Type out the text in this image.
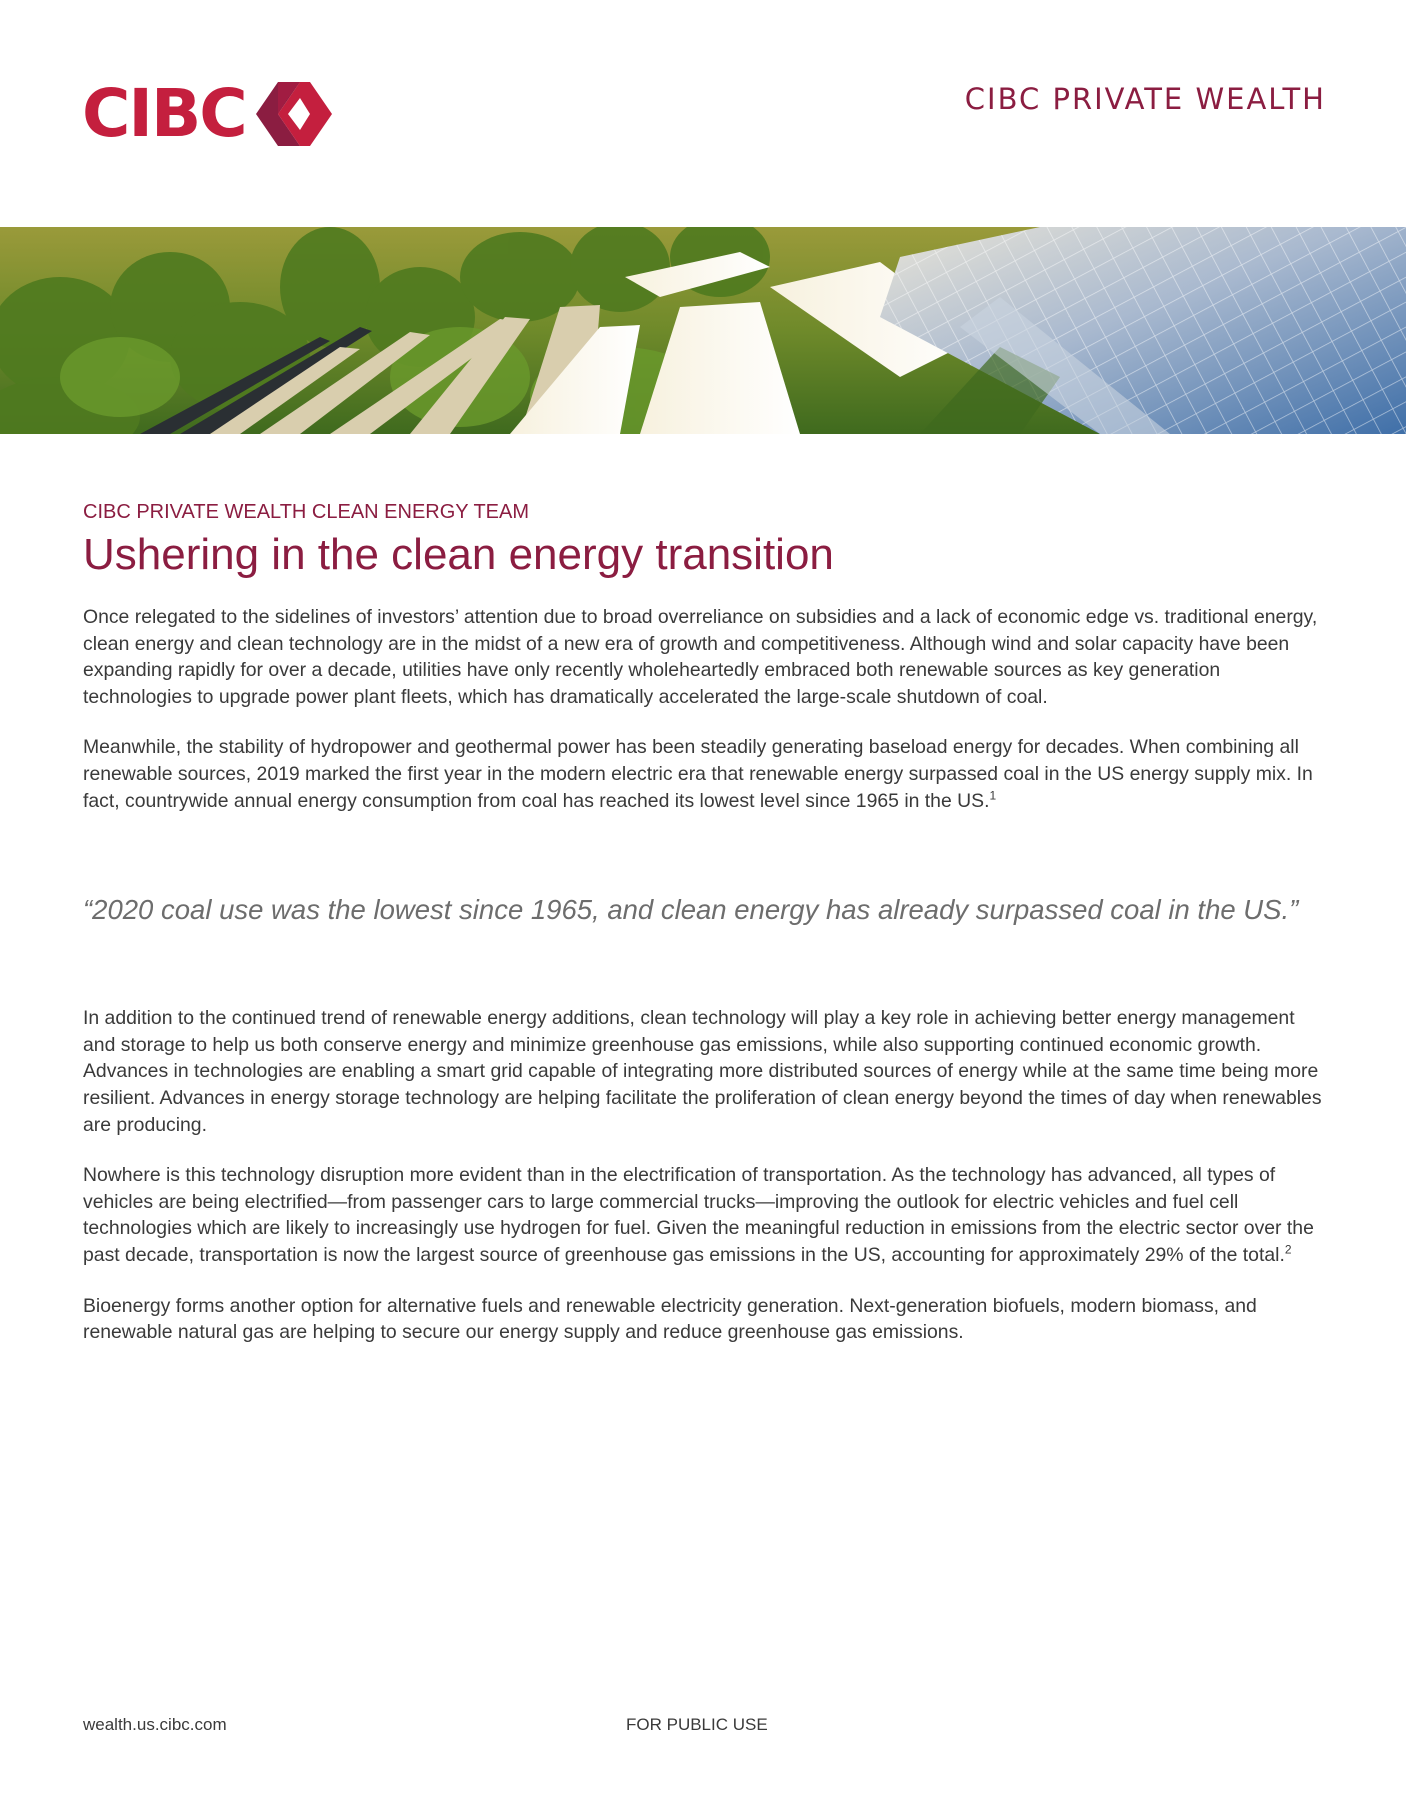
CIBC	CIBC PRIVATE WEALTH
CIBC PRIVATE WEALTH CLEAN ENERGY TEAM
Ushering in the clean energy transition

Once relegated to the sidelines of investors’ attention due to broad overreliance on subsidies and a lack of economic edge vs. traditional energy, clean energy and clean technology are in the midst of a new era of growth and competitiveness. Although wind and solar capacity have been expanding rapidly for over a decade, utilities have only recently wholeheartedly embraced both renewable sources as key generation technologies to upgrade power plant fleets, which has dramatically accelerated the large-scale shutdown of coal.

Meanwhile, the stability of hydropower and geothermal power has been steadily generating baseload energy for decades. When combining all renewable sources, 2019 marked the first year in the modern electric era that renewable energy surpassed coal in the US energy supply mix. In fact, countrywide annual energy consumption from coal has reached its lowest level since 1965 in the US.$^1$

“2020 coal use was the lowest since 1965, and clean energy has already surpassed coal in the US.”

In addition to the continued trend of renewable energy additions, clean technology will play a key role in achieving better energy management and storage to help us both conserve energy and minimize greenhouse gas emissions, while also supporting continued economic growth. Advances in technologies are enabling a smart grid capable of integrating more distributed sources of energy while at the same time being more resilient. Advances in energy storage technology are helping facilitate the proliferation of clean energy beyond the times of day when renewables are producing.

Nowhere is this technology disruption more evident than in the electrification of transportation. As the technology has advanced, all types of vehicles are being electrified—from passenger cars to large commercial trucks—improving the outlook for electric vehicles and fuel cell technologies which are likely to increasingly use hydrogen for fuel. Given the meaningful reduction in emissions from the electric sector over the past decade, transportation is now the largest source of greenhouse gas emissions in the US, accounting for approximately 29% of the total.$^2$

Bioenergy forms another option for alternative fuels and renewable electricity generation. Next-generation biofuels, modern biomass, and renewable natural gas are helping to secure our energy supply and reduce greenhouse gas emissions.

wealth.us.cibc.com	FOR PUBLIC USE
